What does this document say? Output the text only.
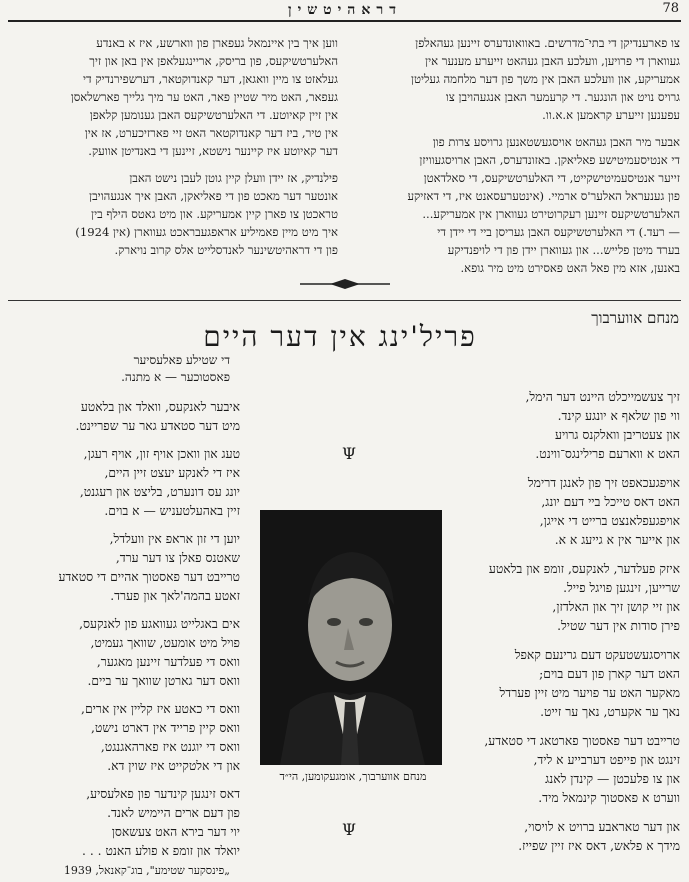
דראהיטשין	78
צו פארענדיקן די בתי־מדרשים. באוואונדערס זיינען געהאלפן
געווארן די פרויען, וועלכע האבן געהאט זייערע מענער אין
אמעריקע, און וועלכע האבן אין משך פון דער מלחמה געליטן
גרויס נויט און הונגער. די קרעמער האבן אנגעהויבן צו
עפענען זייערע קראמען א.א.וו.
אבער מיר האבן געהאט אויסגעשטאנען גרויסע צרות פון
די אנטיסעמיטישע פאליאקן. באזונדערס, האבן ארויסגעוויזן
זייער אנטיסעמיטישקייט, די האלערטשיקעס, די סאלדאטן
פון גענעראל האלער'ס ארמיי. (אינטערעסאנט איז, די דאזיקע
האלערטשיקעס זיינען רעקרוטירט געווארן אין אמעריקע...
— רעד.) די האלערטשיקעס האבן געריסן ביי די יידן די
בערד מיטן פלייש... און געווארן יידן פון די לויפנדיקע
באנען, אזא מין פאל האט פאסירט מיט מיר גופא.
ווען איך בין איינמאל געפארן פון ווארשע, איז א באנדע
האלערטשיקעס, פון בריסק, אריינגעלאפן אין באן און זיך
געלאזט צו מיין וואגאן, דער קאנדוקטאר, דערשפירנדיק די
געפאר, האט מיר שטיין פאר, האט ער מיך גלייך פארשלאסן
אין זיין קאיוטע. די האלערטשיקעס האבן גענומען קלאפן
אין טיר, ביז דער קאנדוקטאר האט זיי פארזיכערט, אז אין
דער קאיוטע איז קיינער נישטא, זיינען די באנדיטן אוועק.
פילנדיק, אז יידן וועלן קיין גוטן לעבן נישט האבן
אונטער דער מאכט פון די פאליאקן, האבן איך אנגעהויבן
טראכטן צו פארן קיין אמעריקע. און מיט גאטס הילף בין
איך מיט מיין פאמיליע אראפגעבראכט געווארן (אין 1924)
פון די דראהיטשינער לאנדסלייט אלס קרוב נויארק.
מנחם אווערבוך
פריל'ינג אין דער היים
די שטילע פאלעסיער
פאסטוכער — א מתנה.
זיך צעשמייכלט היינט דער הימל,
ווי פון שלאף א יונגע קינד.
און צעטריבן וואלקנס גרויע
האט א ווארעם פרילינגס־ווינט.
אויפגעכאפט זיך פון לאנגן דרימל
האט דאס טייכל ביי דעם יונג,
אויפגעפלאנצט ברייט די אייגן,
און אייער אין א גייעג א א.
איזק פעלדער, לאנקעס, זומפ און בלאטע
שרייען, זינגען פויגל פייל.
און זיי קושן זיך און האלדזן,
פירן סודות אין דער שטיל.
ארויסגעשטעקט דעם גרינעם קאפל
האט דער קארן פון דעם בוים;
מאקער האט ער פויער מיט זיין פערדל
נאך ער אקערט, נאך ער זייט.
טרייבט דער פאסטוך פארטאג די סטאדע,
זינגט און פייפט דערבייע א ליד,
און צו פלעכטן — קינדן לאנג
ווערט א פאסטוך קינמאל מיד.
און דער טאראבע ברויט א לויסוי,
מידך א פלאש, דאס איז זיין שפייז.
איבער לאנקעס, וואלד און בלאטע
מיט דער סטאדע גאר ער שפריינט.
טעג און וואכן אויף זון, אויף רעגן,
איז די לאנקע יעצט זיין היים,
יונג עס דונערט, בליצט און רעגנט,
זיין באהעלטעניש — א בוים.
יוען די זון אראפ אין וועלדל,
שאטנס פאלן צו דער ערד,
טרייבט דער פאסטוך אהיים די סטאדע
זאטע בהמה'לאך און פערד.
אים באגלייט געוואגע פון לאנקעס,
פויל מיט אומעט, שוואך געמיט,
וואס די פעלדער זיינען מאגער,
וואס דער גארטן שוואך ער ביים.
וואס די כאטע איז קליין אין ארים,
וואס קיין פרייד אין דארט נישט,
וואס די יוגנט איז פארהאגנגט,
און די אלטקייט איז שוין דא.
דאס זינגען קינדער פון פאלעסיע,
פון דעם ארים היימיש לאנד.
יוי דער בירא האט צעשאסן
יואלד און זומפ א פולע האנט . . .
Ψ
Ψ
מנחם אווערבוך, אומגעקומען, הי״ד
„פינסקער שטימע", בוג־קאנאל, 1939
